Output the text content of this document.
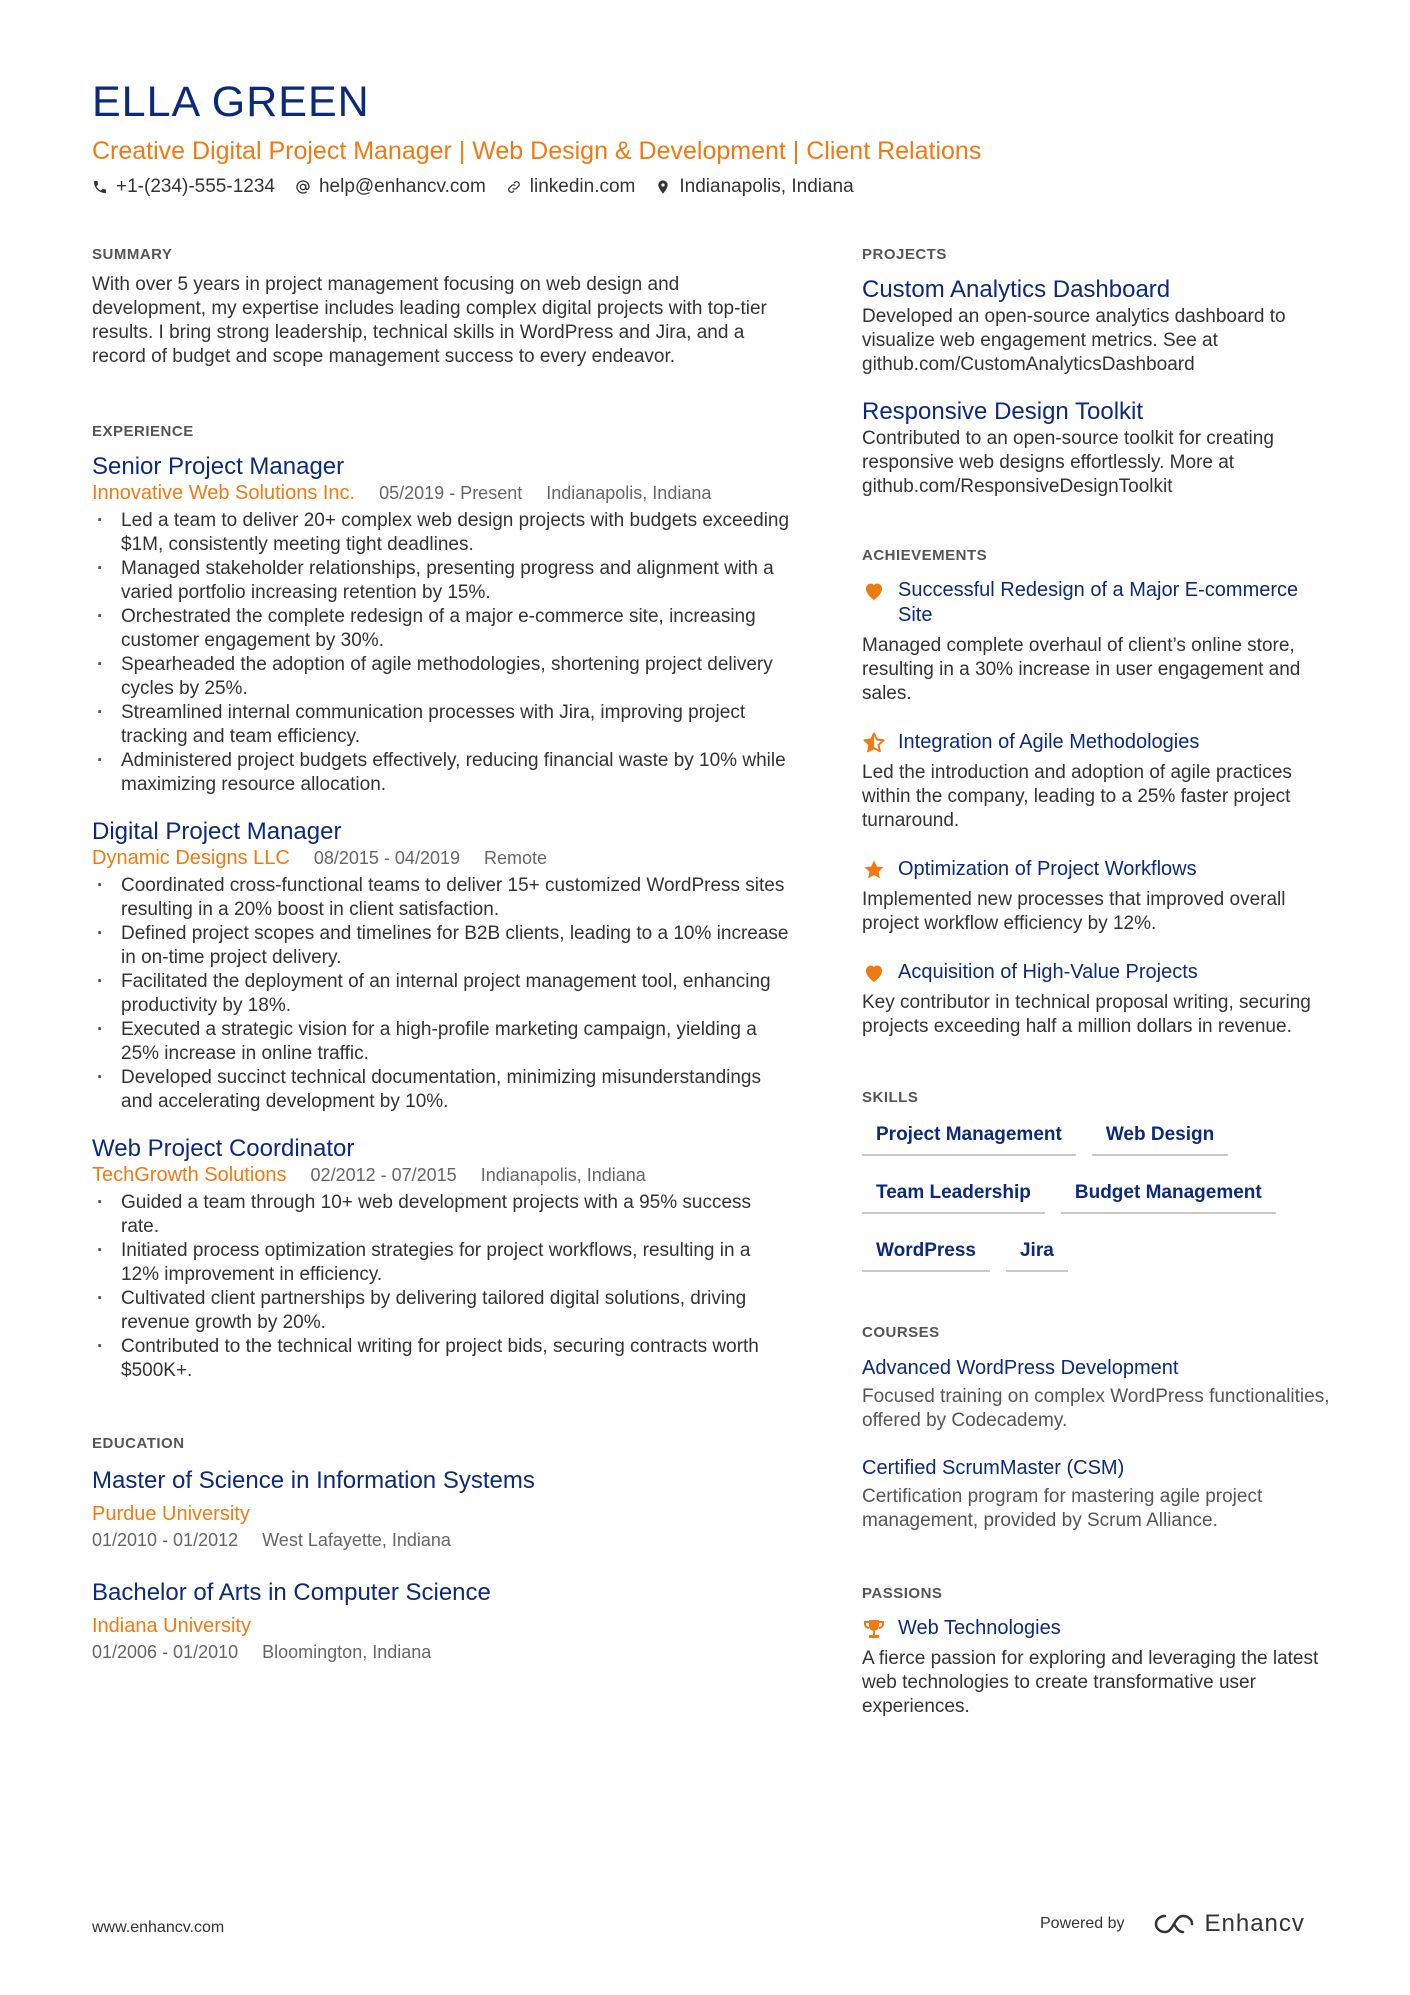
ELLA GREEN
Creative Digital Project Manager | Web Design & Development | Client Relations
+1-(234)-555-1234 help@enhancv.com linkedin.com Indianapolis, Indiana
SUMMARY
With over 5 years in project management focusing on web design and development, my expertise includes leading complex digital projects with top-tier results. I bring strong leadership, technical skills in WordPress and Jira, and a record of budget and scope management success to every endeavor.
EXPERIENCE
Senior Project Manager
Innovative Web Solutions Inc. 05/2019 - Present Indianapolis, Indiana
· Led a team to deliver 20+ complex web design projects with budgets exceeding $1M, consistently meeting tight deadlines.
· Managed stakeholder relationships, presenting progress and alignment with a varied portfolio increasing retention by 15%.
· Orchestrated the complete redesign of a major e-commerce site, increasing customer engagement by 30%.
· Spearheaded the adoption of agile methodologies, shortening project delivery cycles by 25%.
· Streamlined internal communication processes with Jira, improving project tracking and team efficiency.
· Administered project budgets effectively, reducing financial waste by 10% while maximizing resource allocation.
Digital Project Manager
Dynamic Designs LLC 08/2015 - 04/2019 Remote
· Coordinated cross-functional teams to deliver 15+ customized WordPress sites resulting in a 20% boost in client satisfaction.
· Defined project scopes and timelines for B2B clients, leading to a 10% increase in on-time project delivery.
· Facilitated the deployment of an internal project management tool, enhancing productivity by 18%.
· Executed a strategic vision for a high-profile marketing campaign, yielding a 25% increase in online traffic.
· Developed succinct technical documentation, minimizing misunderstandings and accelerating development by 10%.
Web Project Coordinator
TechGrowth Solutions 02/2012 - 07/2015 Indianapolis, Indiana
· Guided a team through 10+ web development projects with a 95% success rate.
· Initiated process optimization strategies for project workflows, resulting in a 12% improvement in efficiency.
· Cultivated client partnerships by delivering tailored digital solutions, driving revenue growth by 20%.
· Contributed to the technical writing for project bids, securing contracts worth $500K+.
EDUCATION
Master of Science in Information Systems
Purdue University
01/2010 - 01/2012 West Lafayette, Indiana
Bachelor of Arts in Computer Science
Indiana University
01/2006 - 01/2010 Bloomington, Indiana
PROJECTS
Custom Analytics Dashboard
Developed an open-source analytics dashboard to visualize web engagement metrics. See at github.com/CustomAnalyticsDashboard
Responsive Design Toolkit
Contributed to an open-source toolkit for creating responsive web designs effortlessly. More at github.com/ResponsiveDesignToolkit
ACHIEVEMENTS
Successful Redesign of a Major E-commerce Site
Managed complete overhaul of client’s online store, resulting in a 30% increase in user engagement and sales.
Integration of Agile Methodologies
Led the introduction and adoption of agile practices within the company, leading to a 25% faster project turnaround.
Optimization of Project Workflows
Implemented new processes that improved overall project workflow efficiency by 12%.
Acquisition of High-Value Projects
Key contributor in technical proposal writing, securing projects exceeding half a million dollars in revenue.
SKILLS
Project Management	Web Design
Team Leadership	Budget Management
WordPress	Jira
COURSES
Advanced WordPress Development
Focused training on complex WordPress functionalities, offered by Codecademy.
Certified ScrumMaster (CSM)
Certification program for mastering agile project management, provided by Scrum Alliance.
PASSIONS
Web Technologies
A fierce passion for exploring and leveraging the latest web technologies to create transformative user experiences.
www.enhancv.com	Powered by	Enhancv
